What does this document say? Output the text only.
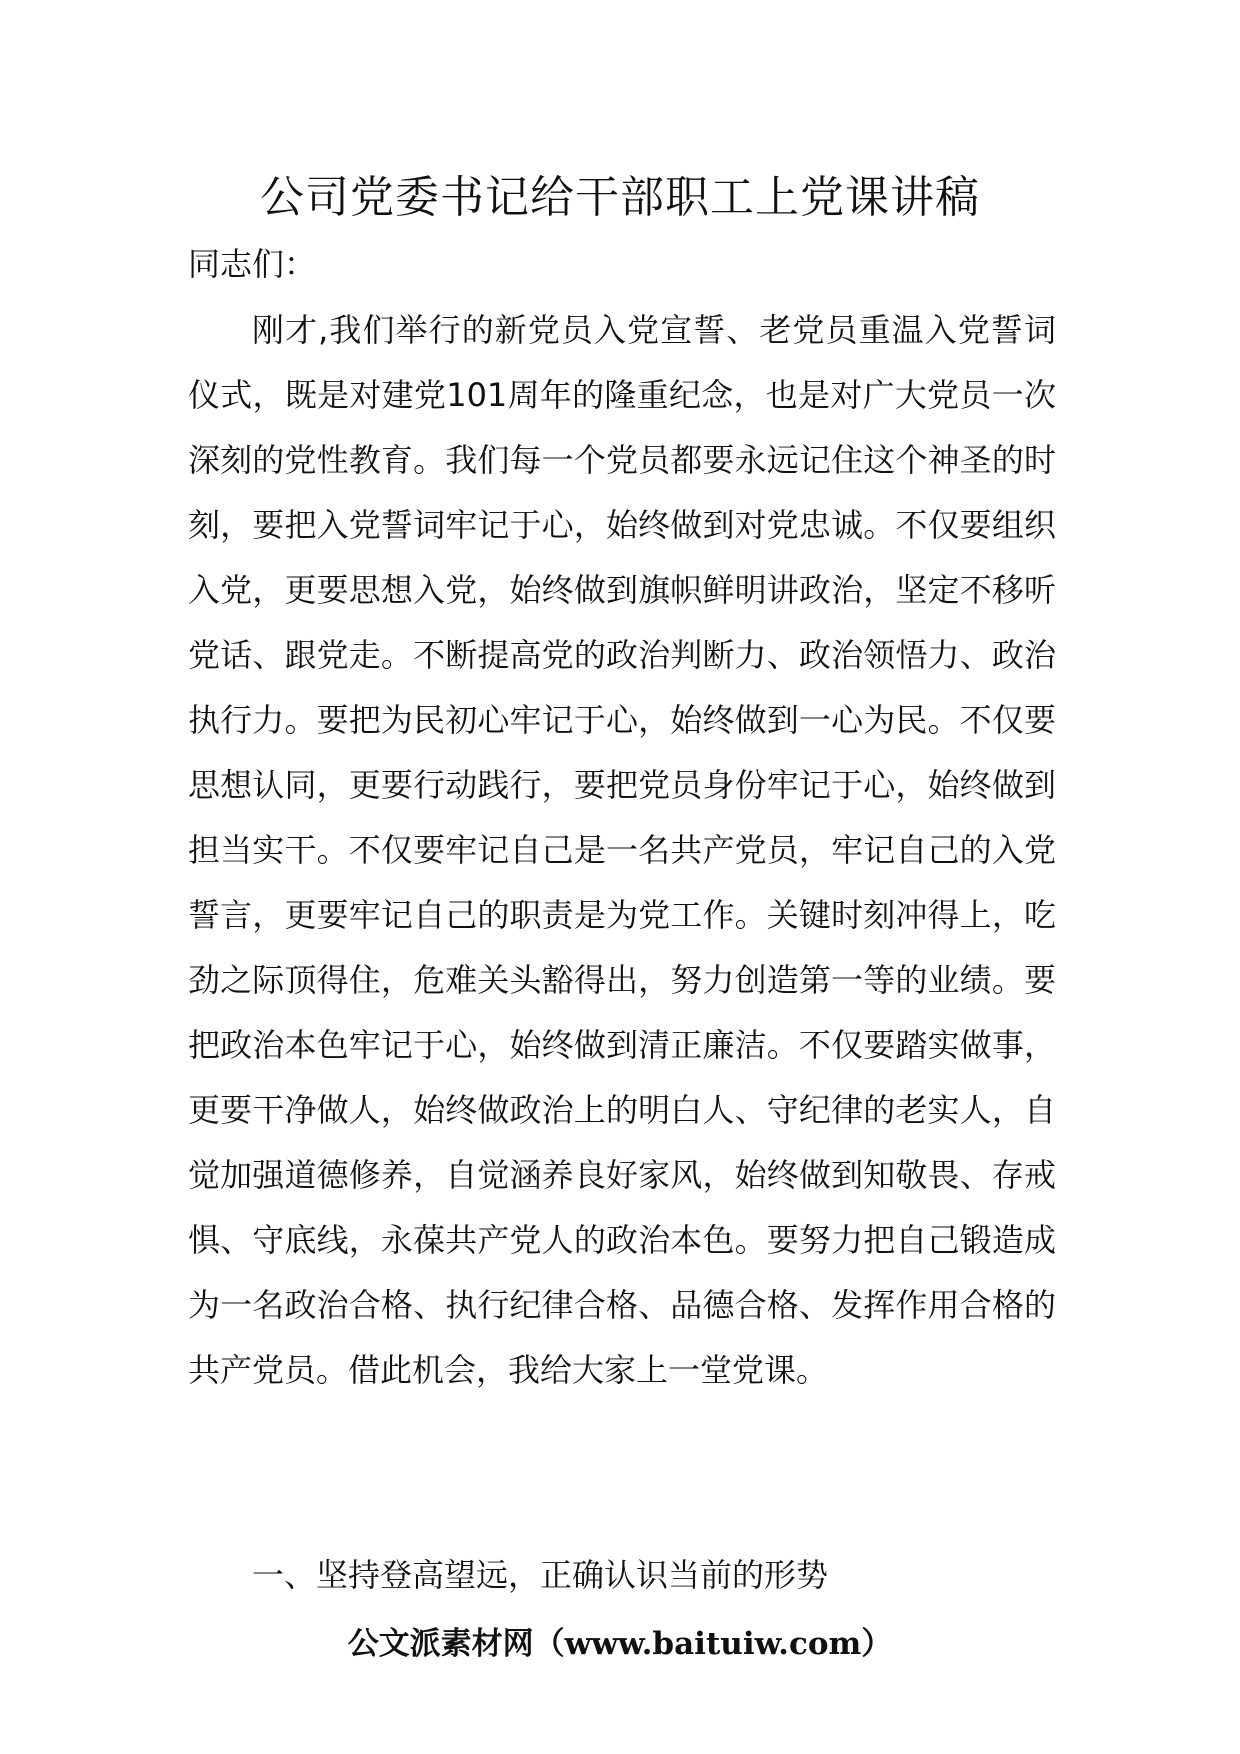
公司党委书记给干部职工上党课讲稿
同志们：

刚才,我们举行的新党员入党宣誓、老党员重温入党誓词仪式，既是对建党101周年的隆重纪念，也是对广大党员一次深刻的党性教育。我们每一个党员都要永远记住这个神圣的时刻，要把入党誓词牢记于心，始终做到对党忠诚。不仅要组织入党，更要思想入党，始终做到旗帜鲜明讲政治，坚定不移听党话、跟党走。不断提高党的政治判断力、政治领悟力、政治执行力。要把为民初心牢记于心，始终做到一心为民。不仅要思想认同，更要行动践行，要把党员身份牢记于心，始终做到担当实干。不仅要牢记自己是一名共产党员，牢记自己的入党誓言，更要牢记自己的职责是为党工作。关键时刻冲得上，吃劲之际顶得住，危难关头豁得出，努力创造第一等的业绩。要把政治本色牢记于心，始终做到清正廉洁。不仅要踏实做事，更要干净做人，始终做政治上的明白人、守纪律的老实人，自觉加强道德修养，自觉涵养良好家风，始终做到知敬畏、存戒惧、守底线，永葆共产党人的政治本色。要努力把自己锻造成为一名政治合格、执行纪律合格、品德合格、发挥作用合格的共产党员。借此机会，我给大家上一堂党课。

一、坚持登高望远，正确认识当前的形势
公文派素材网（www.baituiw.com）
